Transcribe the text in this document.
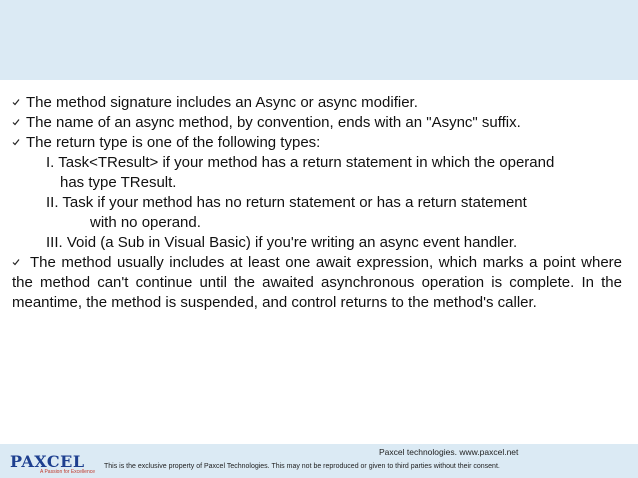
The method signature includes an Async or async modifier.
The name of an async method, by convention, ends with an "Async" suffix.
The return type is one of the following types:
I. Task<TResult> if your method has a return statement in which the operand
has type TResult.
II. Task if your method has no return statement or has a return statement
with no operand.
III. Void (a Sub in Visual Basic) if you're writing an async event handler.
The method usually includes at least one await expression, which marks a point where the method can't continue until the awaited asynchronous operation is complete. In the meantime, the method is suspended, and control returns to the method's caller.
PAXCEL
A Passion for Excellence
Paxcel technologies. www.paxcel.net
This is the exclusive property of Paxcel Technologies. This may not be reproduced or given to third parties without their consent.
